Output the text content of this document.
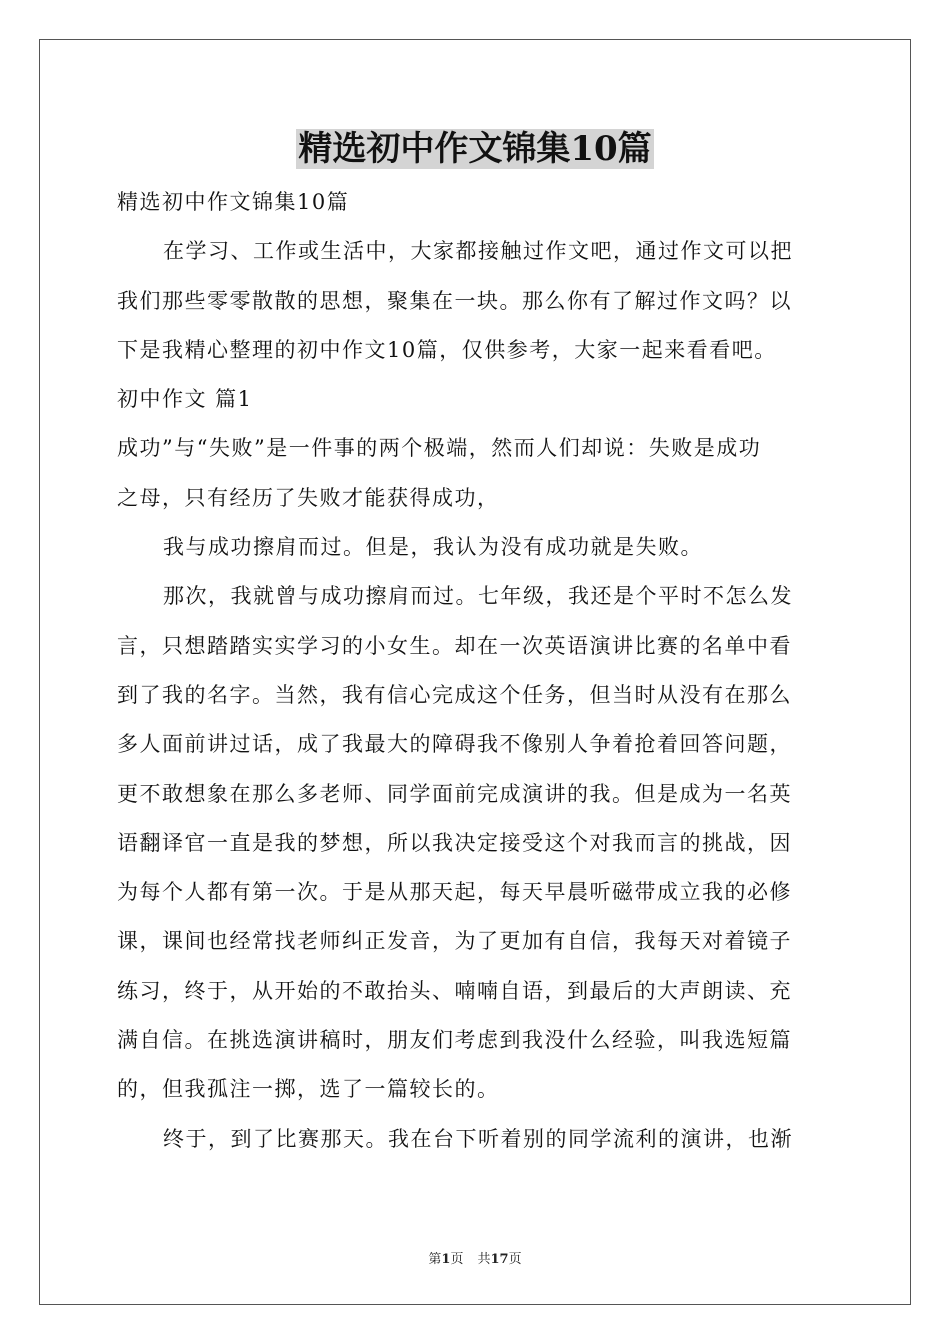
精选初中作文锦集10篇

精选初中作文锦集10篇

在学习、工作或生活中，大家都接触过作文吧，通过作文可以把

我们那些零零散散的思想，聚集在一块。那么你有了解过作文吗？以

下是我精心整理的初中作文10篇，仅供参考，大家一起来看看吧。

初中作文 篇1

成功”与“失败”是一件事的两个极端，然而人们却说：失败是成功

之母，只有经历了失败才能获得成功，

我与成功擦肩而过。但是，我认为没有成功就是失败。

那次，我就曾与成功擦肩而过。七年级，我还是个平时不怎么发

言，只想踏踏实实学习的小女生。却在一次英语演讲比赛的名单中看

到了我的名字。当然，我有信心完成这个任务，但当时从没有在那么

多人面前讲过话，成了我最大的障碍我不像别人争着抢着回答问题，

更不敢想象在那么多老师、同学面前完成演讲的我。但是成为一名英

语翻译官一直是我的梦想，所以我决定接受这个对我而言的挑战，因

为每个人都有第一次。于是从那天起，每天早晨听磁带成立我的必修

课，课间也经常找老师纠正发音，为了更加有自信，我每天对着镜子

练习，终于，从开始的不敢抬头、喃喃自语，到最后的大声朗读、充

满自信。在挑选演讲稿时，朋友们考虑到我没什么经验，叫我选短篇

的，但我孤注一掷，选了一篇较长的。

终于，到了比赛那天。我在台下听着别的同学流利的演讲，也渐

第1页 共17页
